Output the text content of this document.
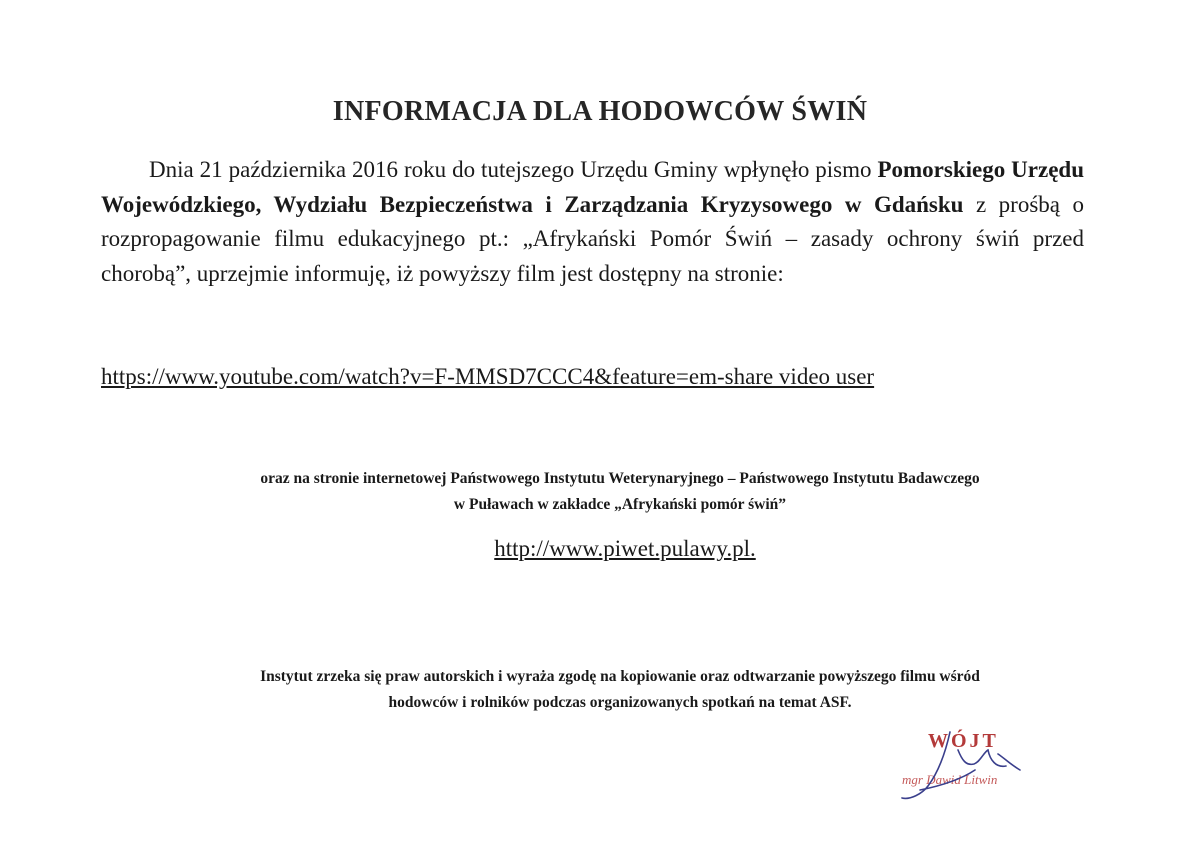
INFORMACJA DLA HODOWCÓW ŚWIŃ

Dnia 21 października 2016 roku do tutejszego Urzędu Gminy wpłynęło pismo Pomorskiego Urzędu Wojewódzkiego, Wydziału Bezpieczeństwa i Zarządzania Kryzysowego w Gdańsku z prośbą o rozpropagowanie filmu edukacyjnego pt.: „Afrykański Pomór Świń – zasady ochrony świń przed chorobą”, uprzejmie informuję, iż powyższy film jest dostępny na stronie:

https://www.youtube.com/watch?v=F-MMSD7CCC4&feature=em-share video user

oraz na stronie internetowej Państwowego Instytutu Weterynaryjnego – Państwowego Instytutu Badawczego
w Puławach w zakładce „Afrykański pomór świń”

http://www.piwet.pulawy.pl.

Instytut zrzeka się praw autorskich i wyraża zgodę na kopiowanie oraz odtwarzanie powyższego filmu wśród
hodowców i rolników podczas organizowanych spotkań na temat ASF.
WÓJT
mgr Dawid Litwin
